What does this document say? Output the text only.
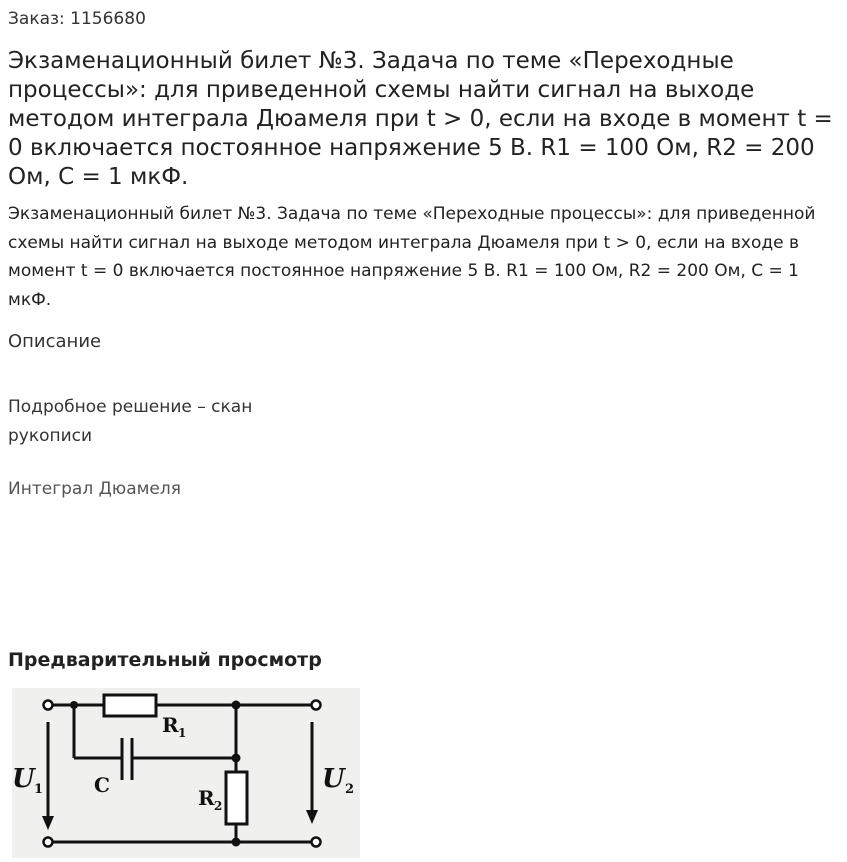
Заказ: 1156680
Экзаменационный билет №3. Задача по теме «Переходные процессы»: для приведенной схемы найти сигнал на выходе методом интеграла Дюамеля при t > 0, если на входе в момент t = 0 включается постоянное напряжение 5 В. R1 = 100 Ом, R2 = 200 Ом, С = 1 мкФ.

Экзаменационный билет №3. Задача по теме «Переходные процессы»: для приведенной схемы найти сигнал на выходе методом интеграла Дюамеля при t > 0, если на входе в момент t = 0 включается постоянное напряжение 5 В. R1 = 100 Ом, R2 = 200 Ом, С = 1 мкФ.

Описание
Подробное решение – скан рукописи
Интеграл Дюамеля
Предварительный просмотр
U 1	U 2
R 1
R 2
C
